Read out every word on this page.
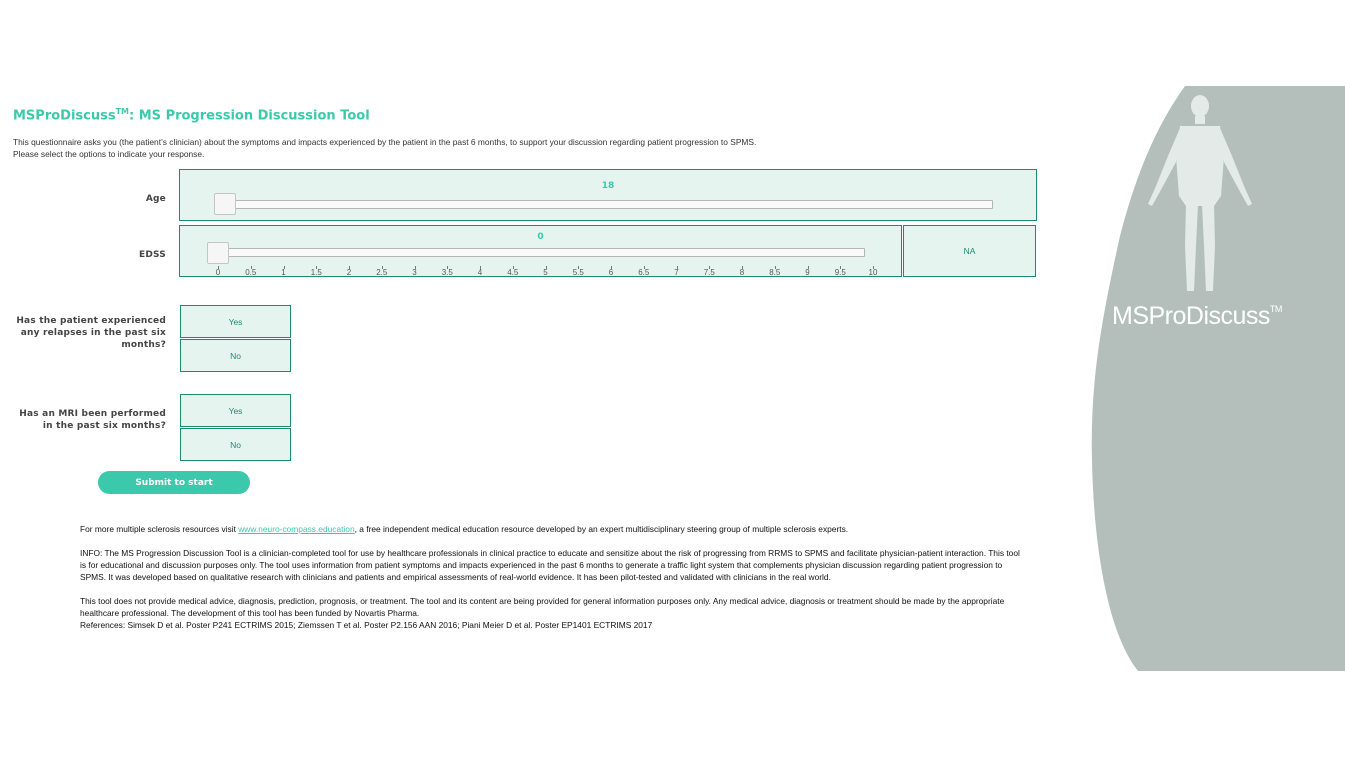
MSProDiscuss™: MS Progression Discussion Tool
This questionnaire asks you (the patient’s clinician) about the symptoms and impacts experienced by the patient in the past 6 months, to support your discussion regarding patient progression to SPMS.
Please select the options to indicate your response.
Age
18
EDSS
0
0	0.5	1	1.5	2	2.5	3	3.5	4	4.5	5	5.5	6	6.5	7	7.5	8	8.5	9	9.5	10
NA
Has the patient experienced any relapses in the past six months?
Yes
No
Has an MRI been performed in the past six months?
Yes
No
Submit to start
For more multiple sclerosis resources visit www.neuro-compass.education, a free independent medical education resource developed by an expert multidisciplinary steering group of multiple sclerosis experts.
INFO: The MS Progression Discussion Tool is a clinician-completed tool for use by healthcare professionals in clinical practice to educate and sensitize about the risk of progressing from RRMS to SPMS and facilitate physician-patient interaction. This tool is for educational and discussion purposes only. The tool uses information from patient symptoms and impacts experienced in the past 6 months to generate a traffic light system that complements physician discussion regarding patient progression to SPMS. It was developed based on qualitative research with clinicians and patients and empirical assessments of real-world evidence. It has been pilot-tested and validated with clinicians in the real world.
This tool does not provide medical advice, diagnosis, prediction, prognosis, or treatment. The tool and its content are being provided for general information purposes only. Any medical advice, diagnosis or treatment should be made by the appropriate healthcare professional. The development of this tool has been funded by Novartis Pharma.
References: Simsek D et al. Poster P241 ECTRIMS 2015; Ziemssen T et al. Poster P2.156 AAN 2016; Piani Meier D et al. Poster EP1401 ECTRIMS 2017
MSProDiscuss™
